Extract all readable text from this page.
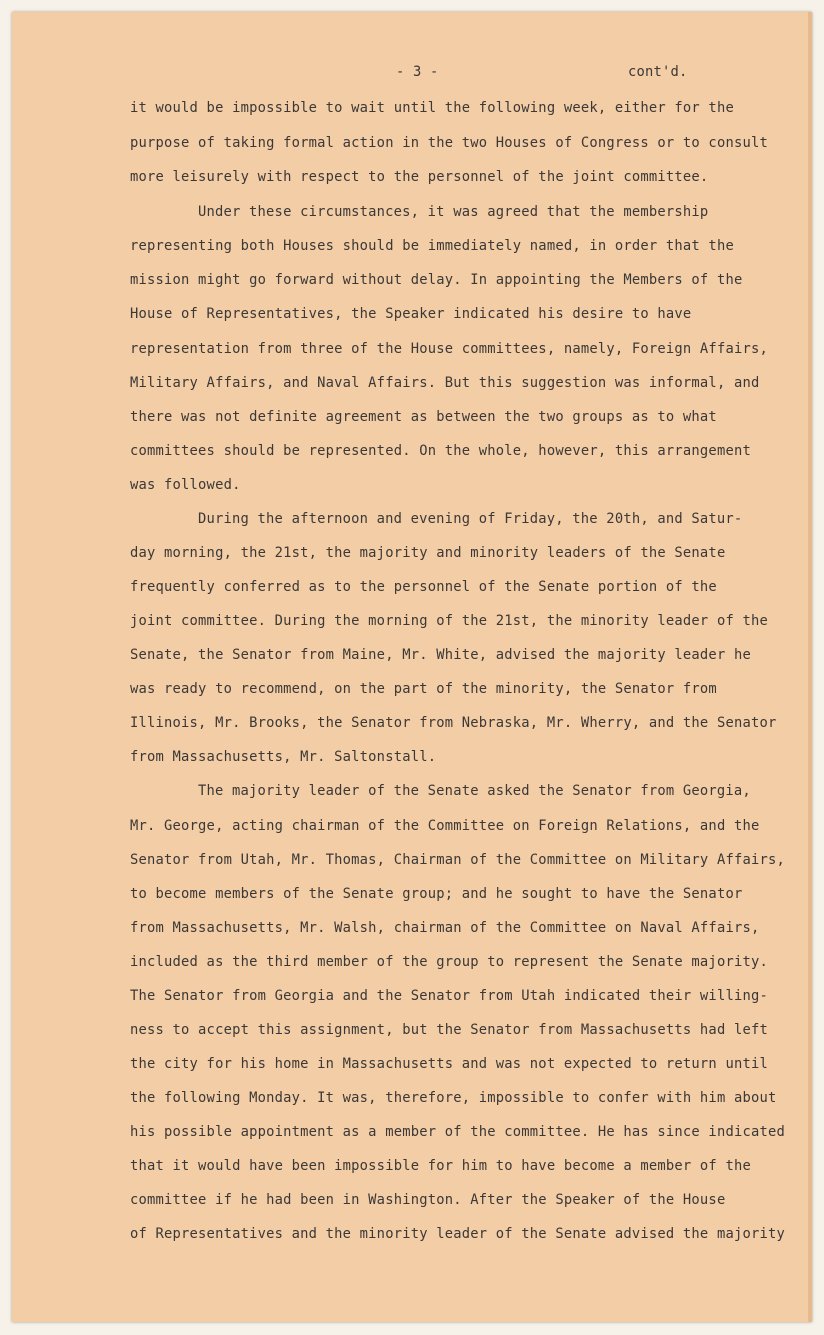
- 3 -	cont'd.
it would be impossible to wait until the following week, either for the
purpose of taking formal action in the two Houses of Congress or to consult
more leisurely with respect to the personnel of the joint committee.
Under these circumstances, it was agreed that the membership
representing both Houses should be immediately named, in order that the
mission might go forward without delay. In appointing the Members of the
House of Representatives, the Speaker indicated his desire to have
representation from three of the House committees, namely, Foreign Affairs,
Military Affairs, and Naval Affairs. But this suggestion was informal, and
there was not definite agreement as between the two groups as to what
committees should be represented. On the whole, however, this arrangement
was followed.
During the afternoon and evening of Friday, the 20th, and Satur-
day morning, the 21st, the majority and minority leaders of the Senate
frequently conferred as to the personnel of the Senate portion of the
joint committee. During the morning of the 21st, the minority leader of the
Senate, the Senator from Maine, Mr. White, advised the majority leader he
was ready to recommend, on the part of the minority, the Senator from
Illinois, Mr. Brooks, the Senator from Nebraska, Mr. Wherry, and the Senator
from Massachusetts, Mr. Saltonstall.
The majority leader of the Senate asked the Senator from Georgia,
Mr. George, acting chairman of the Committee on Foreign Relations, and the
Senator from Utah, Mr. Thomas, Chairman of the Committee on Military Affairs,
to become members of the Senate group; and he sought to have the Senator
from Massachusetts, Mr. Walsh, chairman of the Committee on Naval Affairs,
included as the third member of the group to represent the Senate majority.
The Senator from Georgia and the Senator from Utah indicated their willing-
ness to accept this assignment, but the Senator from Massachusetts had left
the city for his home in Massachusetts and was not expected to return until
the following Monday. It was, therefore, impossible to confer with him about
his possible appointment as a member of the committee. He has since indicated
that it would have been impossible for him to have become a member of the
committee if he had been in Washington. After the Speaker of the House
of Representatives and the minority leader of the Senate advised the majority
